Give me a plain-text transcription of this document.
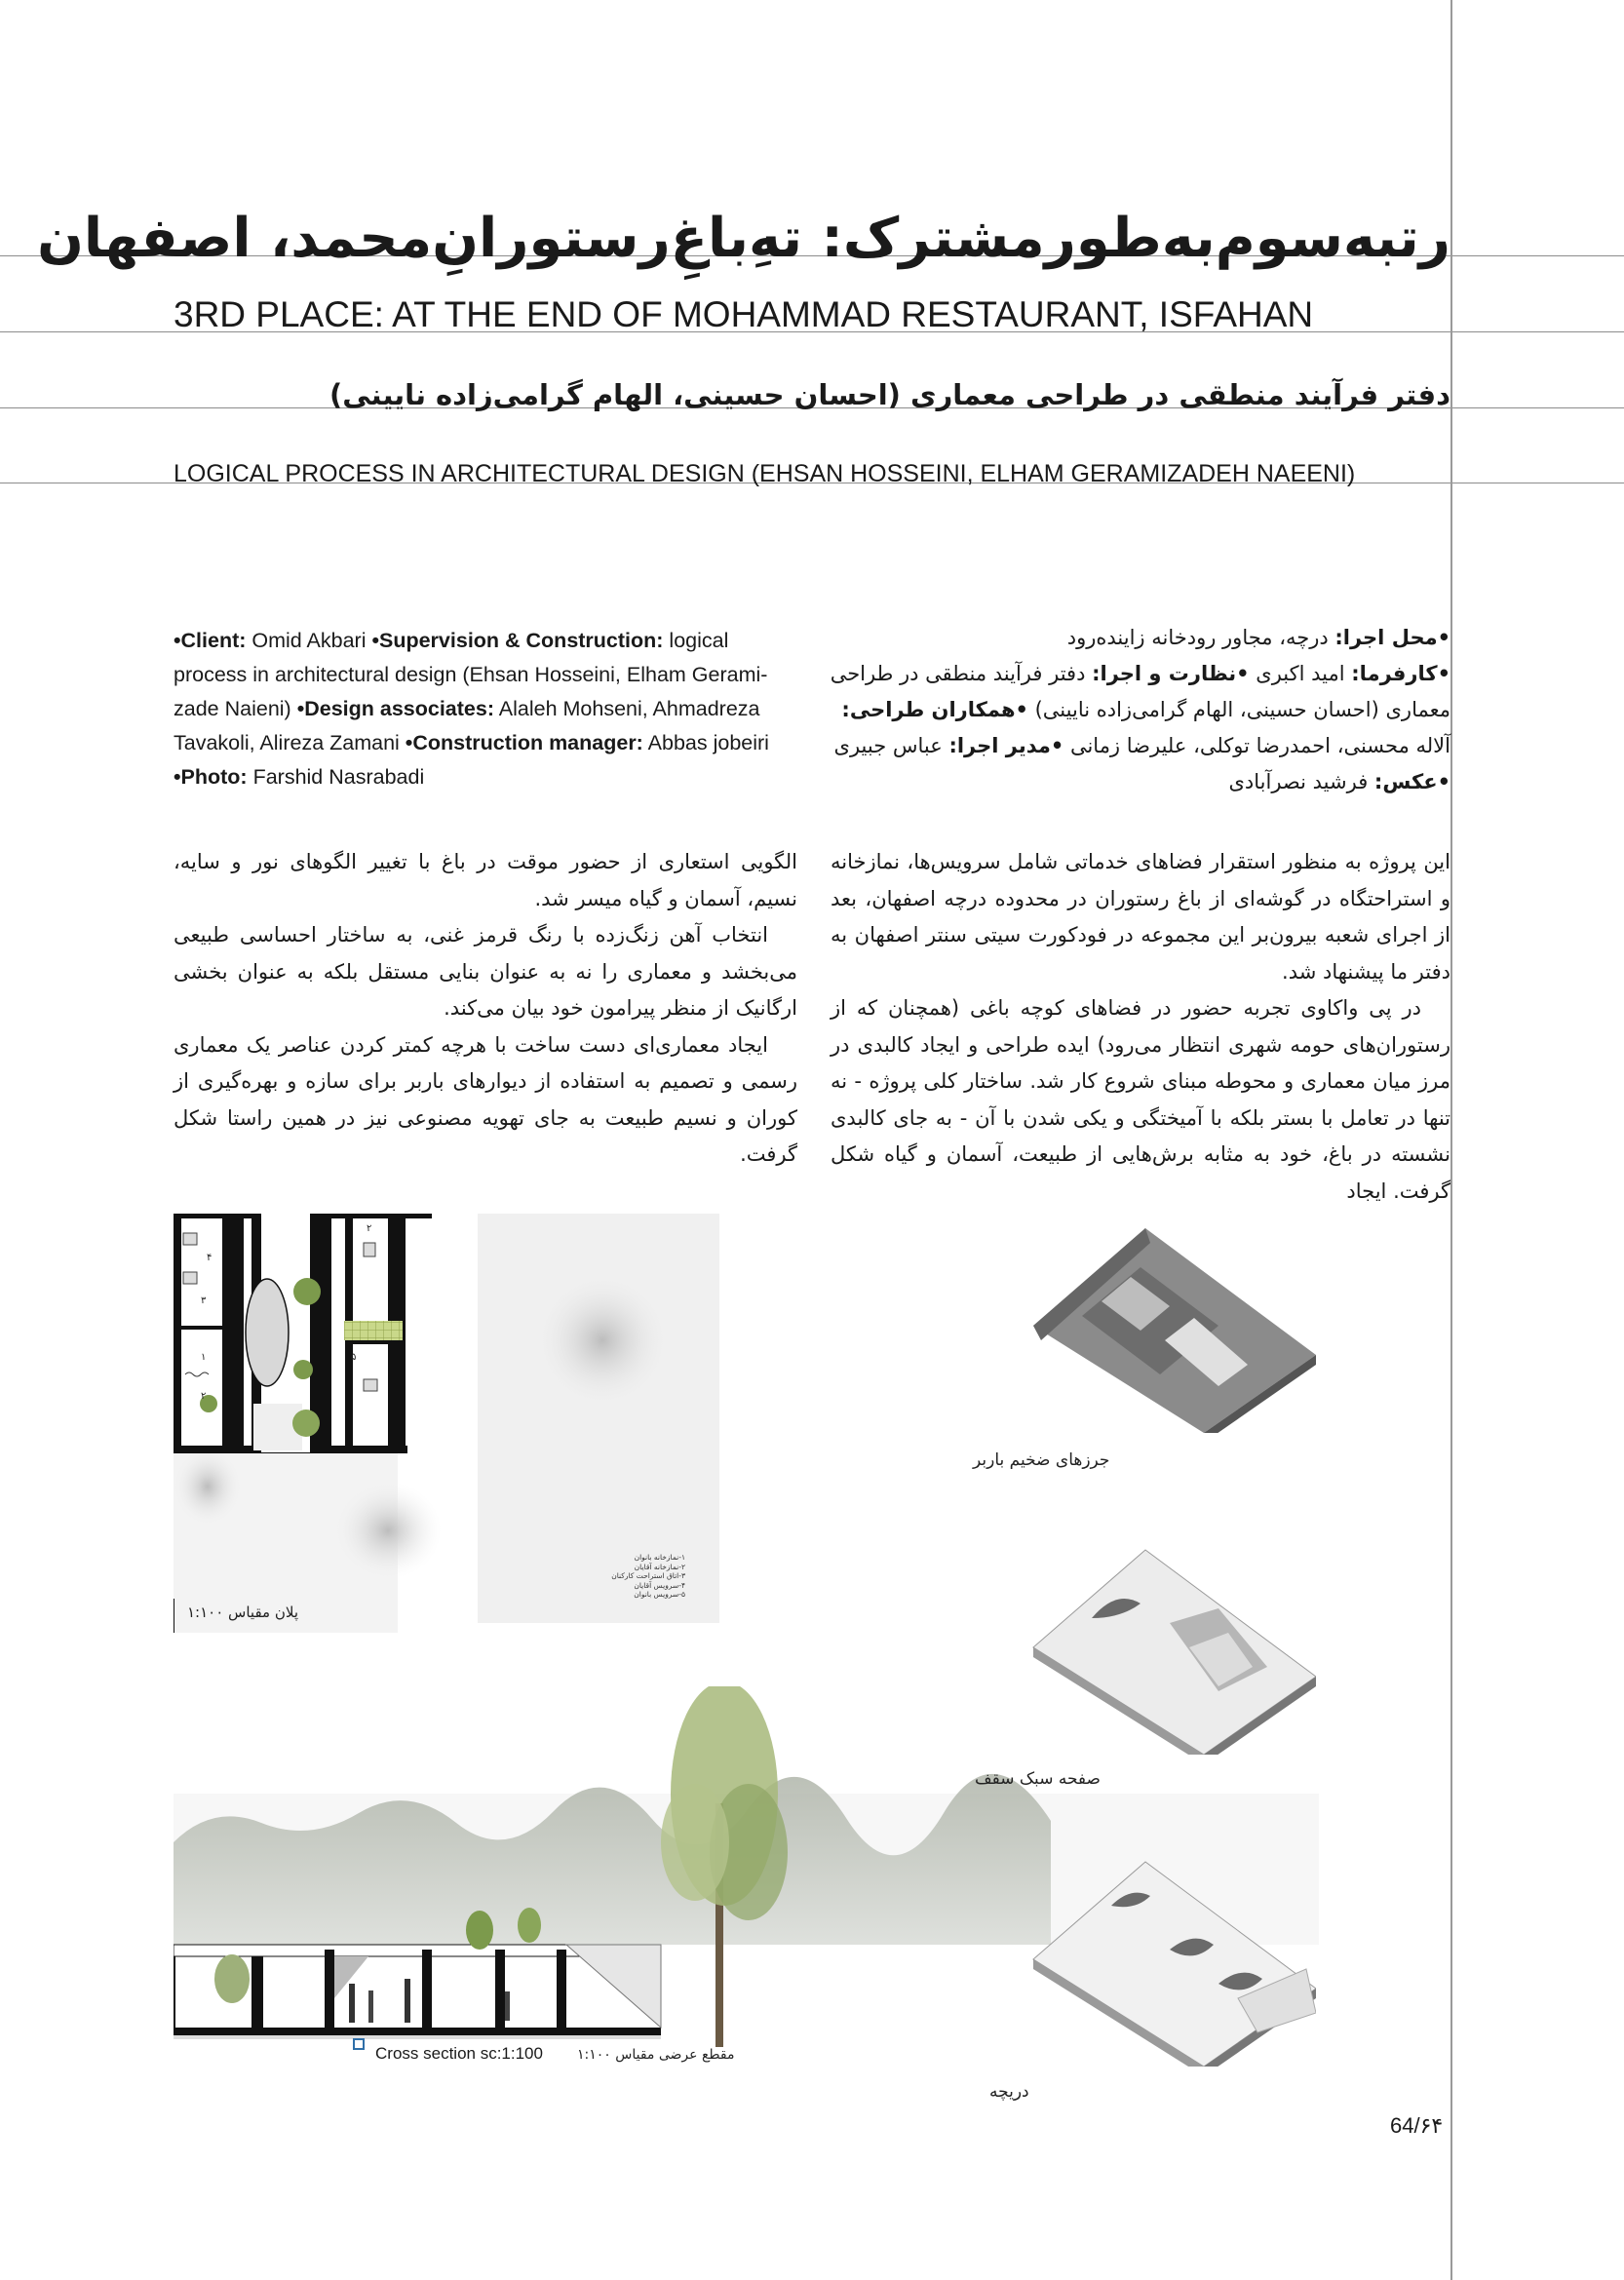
رتبه‌سوم‌به‌طورمشترک: ته‌ِباغِ‌رستورانِ‌محمد، اصفهان
3RD PLACE: AT THE END OF MOHAMMAD RESTAURANT, ISFAHAN
دفتر فرآیند منطقی در طراحی معماری (احسان حسینی، الهام گرامی‌زاده نایینی)
LOGICAL PROCESS IN ARCHITECTURAL DESIGN (EHSAN HOSSEINI, ELHAM GERAMIZADEH NAEENI)
•Client: Omid Akbari •Supervision & Construction: logical process in architectural design (Ehsan Hosseini, Elham Gerami-zade Naieni) •Design associates: Alaleh Mohseni, Ahmadreza Tavakoli, Alireza Zamani •Construction manager: Abbas jobeiri •Photo: Farshid Nasrabadi
•محل اجرا: درچه، مجاور رودخانه زاینده‌رود
•کارفرما: امید اکبری •نظارت و اجرا: دفتر فرآیند منطقی در طراحی معماری (احسان حسینی، الهام گرامی‌زاده نایینی) •همکاران طراحی: آلاله محسنی، احمدرضا توکلی، علیرضا زمانی •مدیر اجرا: عباس جبیری
•عکس: فرشید نصرآبادی

این پروژه به منظور استقرار فضاهای خدماتی شامل سرویس‌ها، نمازخانه و استراحتگاه در گوشه‌ای از باغ رستوران در محدوده درچه اصفهان، بعد از اجرای شعبه بیرون‌بر این مجموعه در فودکورت سیتی سنتر اصفهان به دفتر ما پیشنهاد شد.

در پی واکاوی تجربه حضور در فضاهای کوچه باغی (همچنان که از رستوران‌های حومه شهری انتظار می‌رود) ایده طراحی و ایجاد کالبدی در مرز میان معماری و محوطه مبنای شروع کار شد. ساختار کلی پروژه - نه تنها در تعامل با بستر بلکه با آمیختگی و یکی شدن با آن - به جای کالبدی نشسته در باغ، خود به مثابه برش‌هایی از طبیعت، آسمان و گیاه شکل گرفت. ایجاد

الگویی استعاری از حضور موقت در باغ با تغییر الگوهای نور و سایه، نسیم، آسمان و گیاه میسر شد.

انتخاب آهن زنگ‌زده با رنگ قرمز غنی، به ساختار احساسی طبیعی می‌بخشد و معماری را نه به عنوان بنایی مستقل بلکه به عنوان بخشی ارگانیک از منظر پیرامون خود بیان می‌کند.

ایجاد معماری‌ای دست ساخت با هرچه کمتر کردن عناصر یک معماری رسمی و تصمیم به استفاده از دیوارهای باربر برای سازه و بهره‌گیری از کوران و نسیم طبیعت به جای تهویه مصنوعی نیز در همین راستا شکل گرفت.

۴
۳
۲
۵
۱
۲
پلان مقیاس ۱:۱۰۰
۱-نمازخانه بانوان
۲-نمازخانه آقایان
۳-اتاق استراحت کارکنان
۴-سرویس آقایان
۵-سرویس بانوان
Cross section sc:1:100	مقطع عرضی مقیاس ۱:۱۰۰
جرزهای ضخیم باربر
صفحه سبک سقف
دریچه
64/۶۴
